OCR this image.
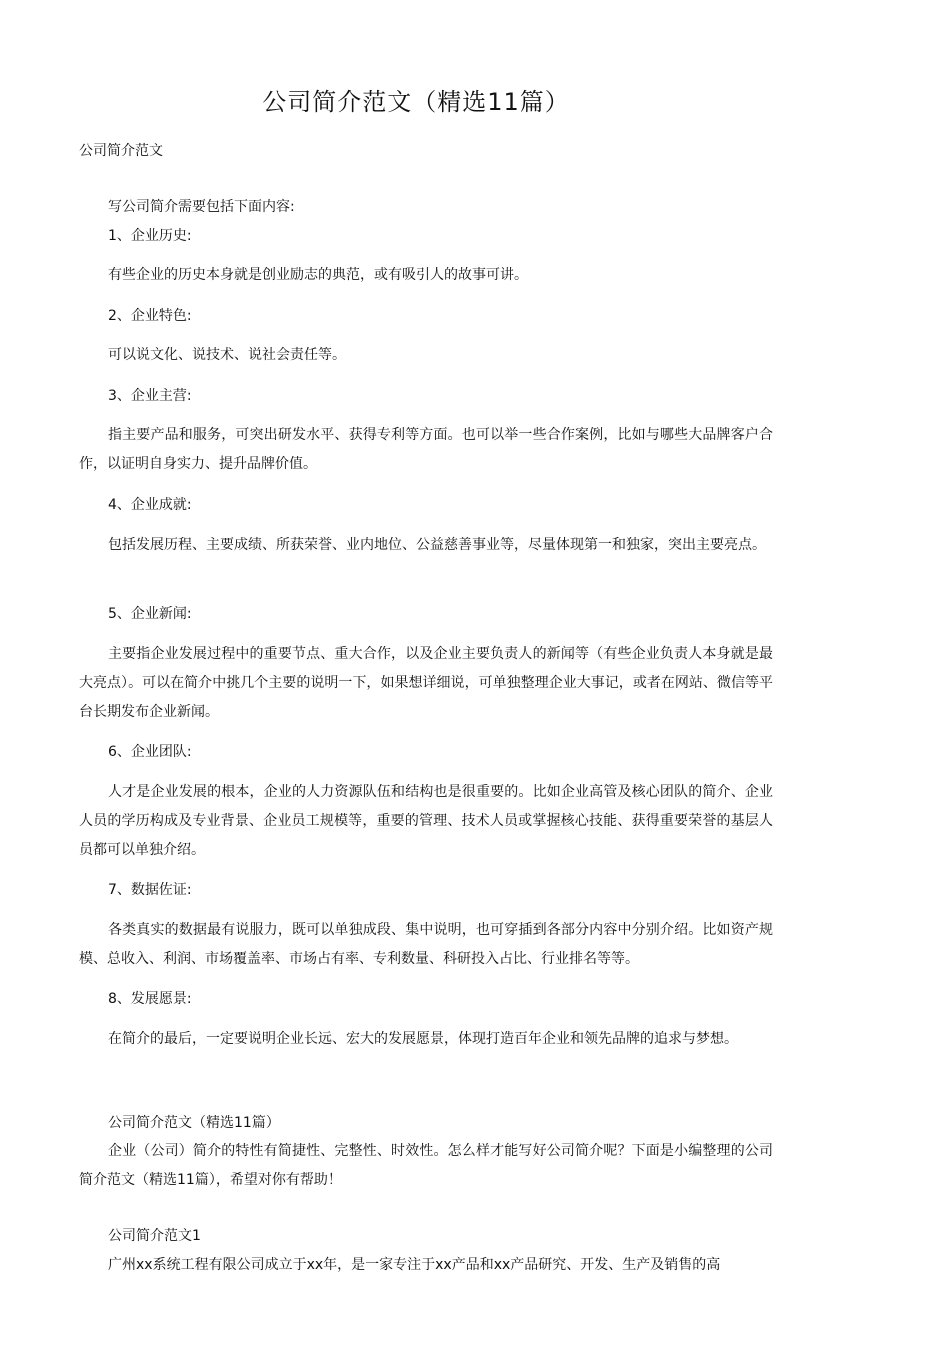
公司简介范文（精选11篇）

公司简介范文

写公司简介需要包括下面内容:

1、企业历史:

有些企业的历史本身就是创业励志的典范，或有吸引人的故事可讲。

2、企业特色:

可以说文化、说技术、说社会责任等。

3、企业主营:

指主要产品和服务，可突出研发水平、获得专利等方面。也可以举一些合作案例，比如与哪些大品牌客户合作，以证明自身实力、提升品牌价值。

4、企业成就:

包括发展历程、主要成绩、所获荣誉、业内地位、公益慈善事业等，尽量体现第一和独家，突出主要亮点。

5、企业新闻:

主要指企业发展过程中的重要节点、重大合作，以及企业主要负责人的新闻等（有些企业负责人本身就是最大亮点）。可以在简介中挑几个主要的说明一下，如果想详细说，可单独整理企业大事记，或者在网站、微信等平台长期发布企业新闻。

6、企业团队:

人才是企业发展的根本，企业的人力资源队伍和结构也是很重要的。比如企业高管及核心团队的简介、企业人员的学历构成及专业背景、企业员工规模等，重要的管理、技术人员或掌握核心技能、获得重要荣誉的基层人员都可以单独介绍。

7、数据佐证:

各类真实的数据最有说服力，既可以单独成段、集中说明，也可穿插到各部分内容中分别介绍。比如资产规模、总收入、利润、市场覆盖率、市场占有率、专利数量、科研投入占比、行业排名等等。

8、发展愿景:

在简介的最后，一定要说明企业长远、宏大的发展愿景，体现打造百年企业和领先品牌的追求与梦想。

公司简介范文（精选11篇）

企业（公司）简介的特性有简捷性、完整性、时效性。怎么样才能写好公司简介呢？下面是小编整理的公司简介范文（精选11篇），希望对你有帮助！

公司简介范文1

广州xx系统工程有限公司成立于xx年，是一家专注于xx产品和xx产品研究、开发、生产及销售的高
